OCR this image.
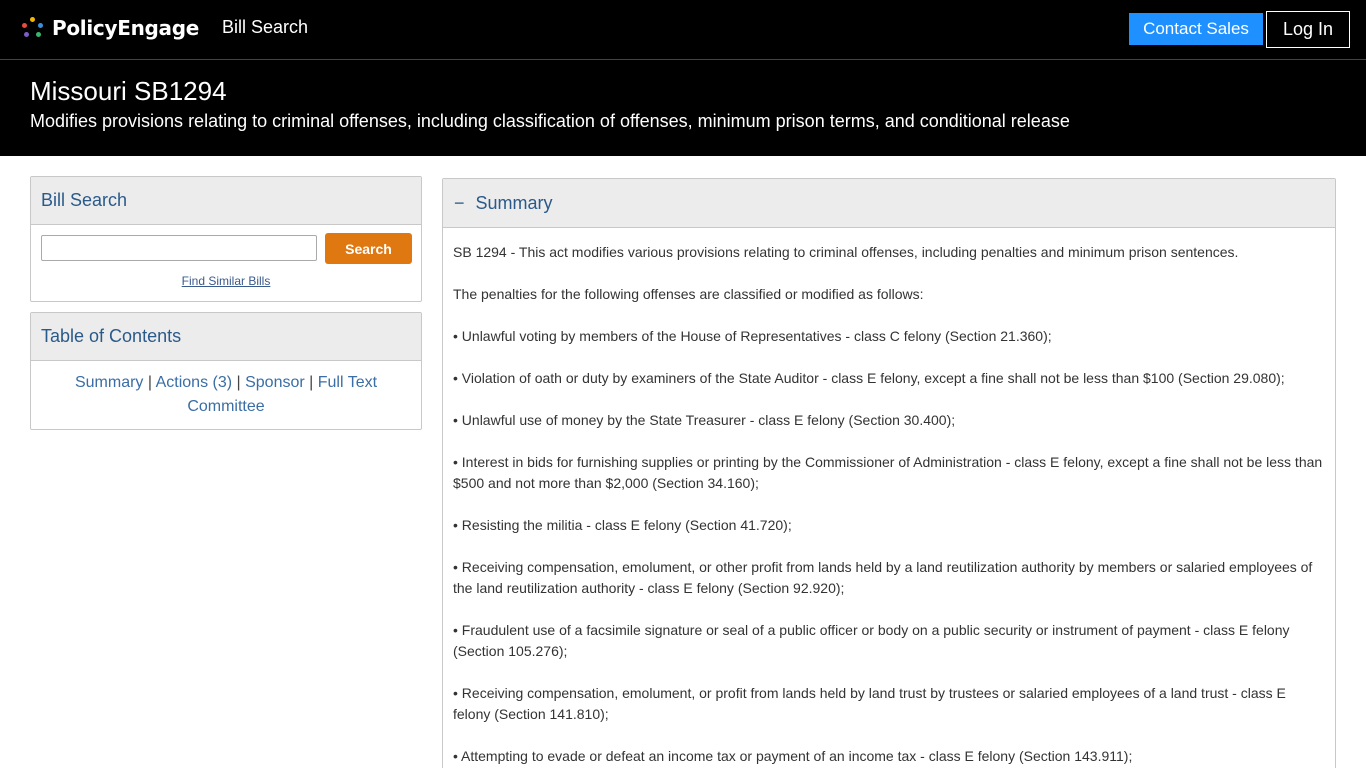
PolicyEngage Bill Search	Contact Sales	Log In
Missouri SB1294
Modifies provisions relating to criminal offenses, including classification of offenses, minimum prison terms, and conditional release
Bill Search
Search
Find Similar Bills
Table of Contents
Summary | Actions (3) | Sponsor | Full Text
Committee
− Summary

SB 1294 - This act modifies various provisions relating to criminal offenses, including penalties and minimum prison sentences.

The penalties for the following offenses are classified or modified as follows:

• Unlawful voting by members of the House of Representatives - class C felony (Section 21.360);

• Violation of oath or duty by examiners of the State Auditor - class E felony, except a fine shall not be less than $100 (Section 29.080);

• Unlawful use of money by the State Treasurer - class E felony (Section 30.400);

• Interest in bids for furnishing supplies or printing by the Commissioner of Administration - class E felony, except a fine shall not be less than $500 and not more than $2,000 (Section 34.160);

• Resisting the militia - class E felony (Section 41.720);

• Receiving compensation, emolument, or other profit from lands held by a land reutilization authority by members or salaried employees of the land reutilization authority - class E felony (Section 92.920);

• Fraudulent use of a facsimile signature or seal of a public officer or body on a public security or instrument of payment - class E felony (Section 105.276);

• Receiving compensation, emolument, or profit from lands held by land trust by trustees or salaried employees of a land trust - class E felony (Section 141.810);

• Attempting to evade or defeat an income tax or payment of an income tax - class E felony (Section 143.911);
